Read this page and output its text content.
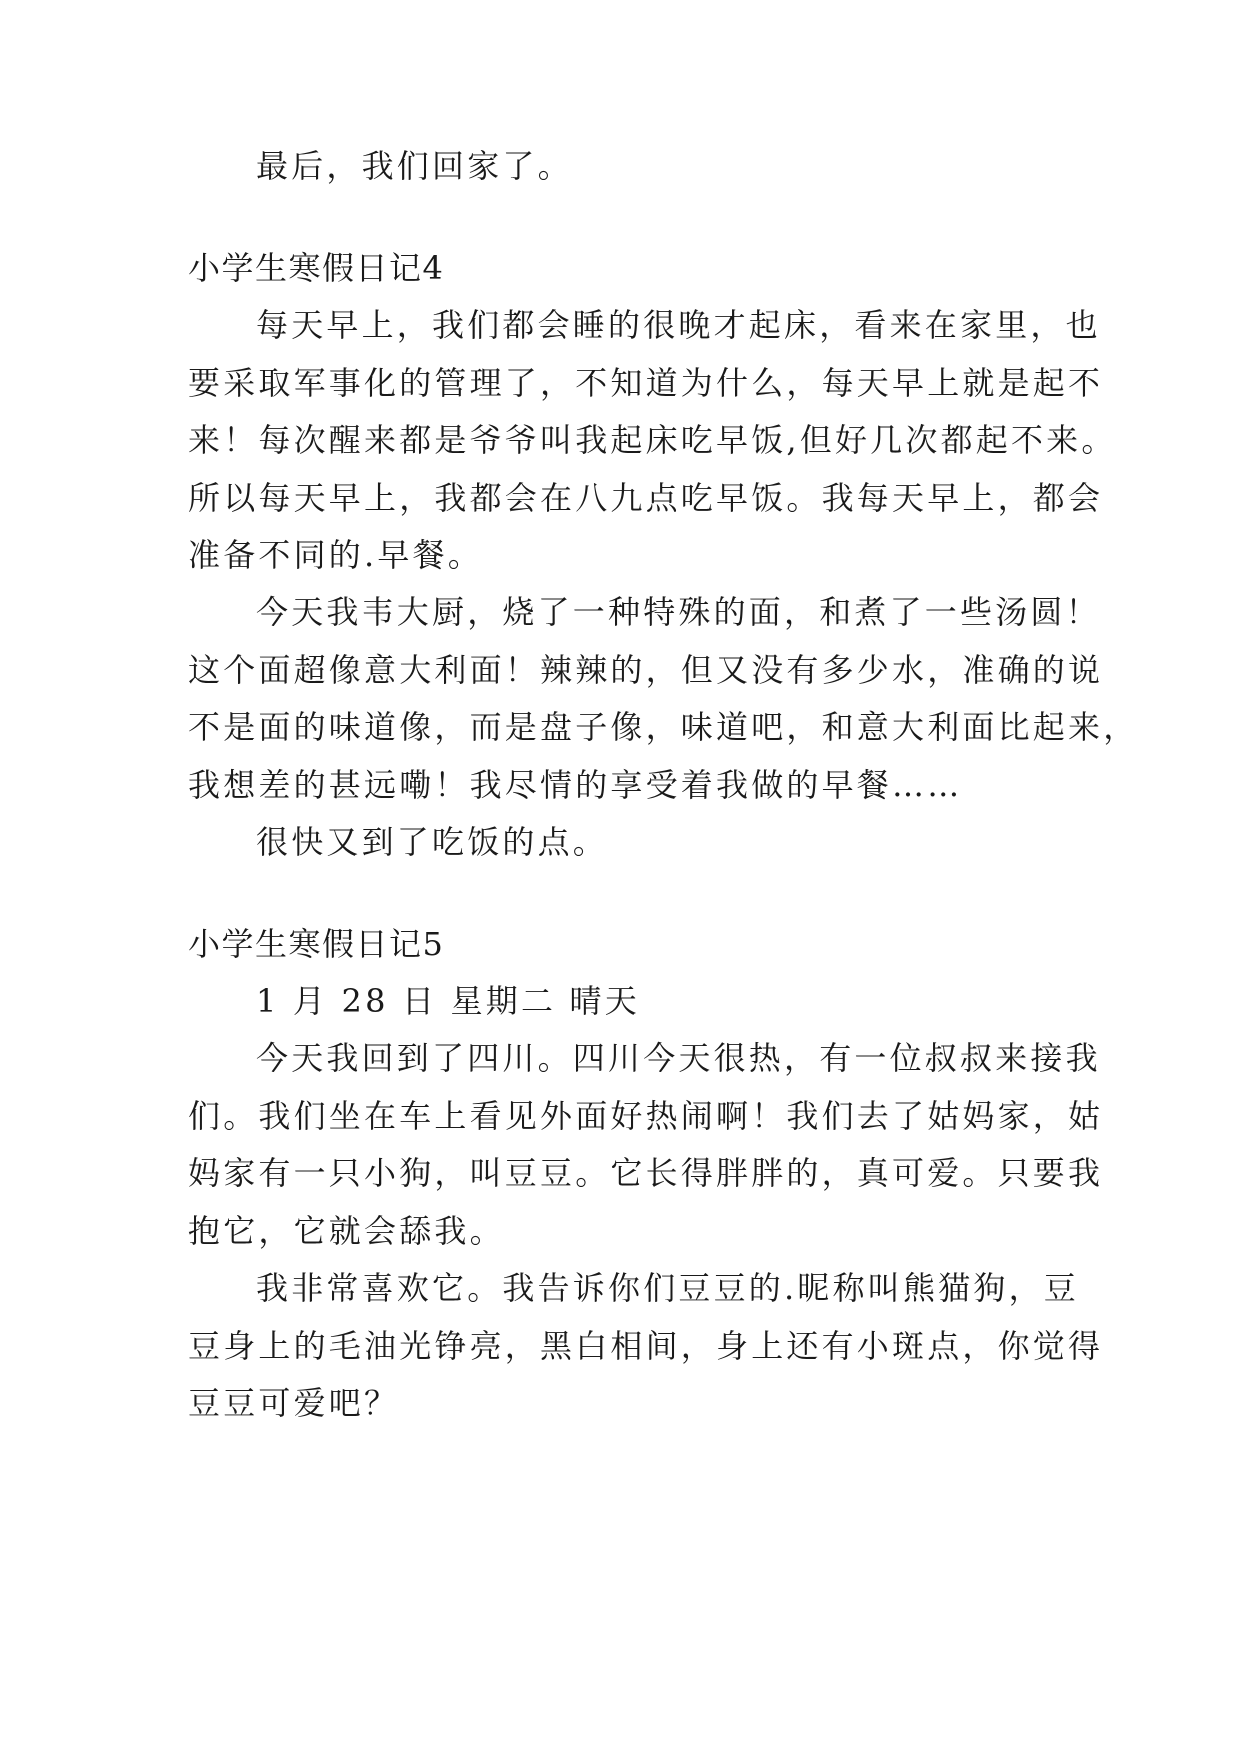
最后，我们回家了。
小学生寒假日记4
每天早上，我们都会睡的很晚才起床，看来在家里，也
要采取军事化的管理了，不知道为什么，每天早上就是起不
来！每次醒来都是爷爷叫我起床吃早饭,但好几次都起不来。
所以每天早上，我都会在八九点吃早饭。我每天早上，都会
准备不同的.早餐。
今天我韦大厨，烧了一种特殊的面，和煮了一些汤圆！
这个面超像意大利面！辣辣的，但又没有多少水，准确的说
不是面的味道像，而是盘子像，味道吧，和意大利面比起来，
我想差的甚远嘞！我尽情的享受着我做的早餐……
很快又到了吃饭的点。
小学生寒假日记5
1 月 28 日 星期二 晴天
今天我回到了四川。四川今天很热，有一位叔叔来接我
们。我们坐在车上看见外面好热闹啊！我们去了姑妈家，姑
妈家有一只小狗，叫豆豆。它长得胖胖的，真可爱。只要我
抱它，它就会舔我。
我非常喜欢它。我告诉你们豆豆的.昵称叫熊猫狗，豆
豆身上的毛油光铮亮，黑白相间，身上还有小斑点，你觉得
豆豆可爱吧？
